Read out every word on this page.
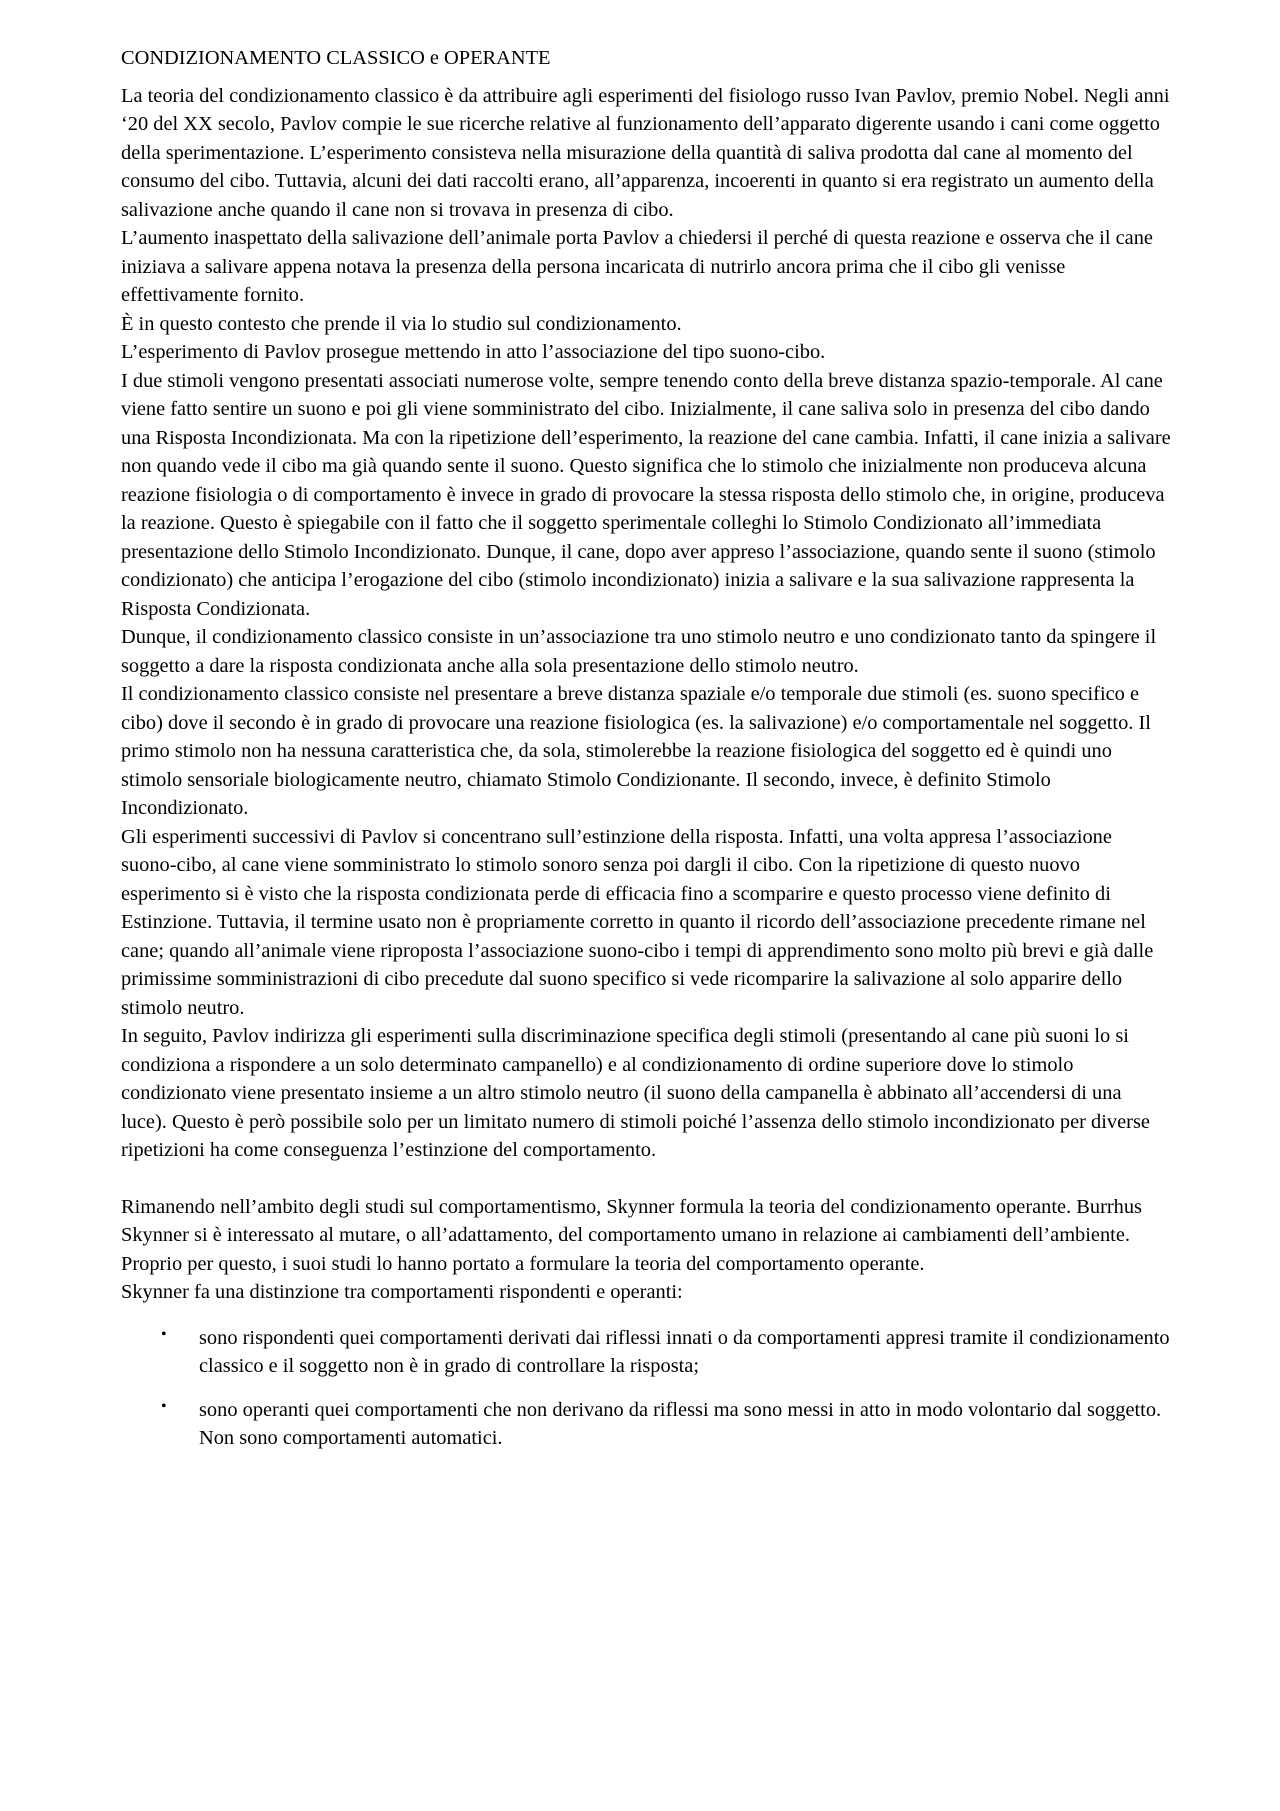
CONDIZIONAMENTO CLASSICO e OPERANTE

La teoria del condizionamento classico è da attribuire agli esperimenti del fisiologo russo Ivan Pavlov, premio Nobel. Negli anni ‘20 del XX secolo, Pavlov compie le sue ricerche relative al funzionamento dell’apparato digerente usando i cani come oggetto della sperimentazione. L’esperimento consisteva nella misurazione della quantità di saliva prodotta dal cane al momento del consumo del cibo. Tuttavia, alcuni dei dati raccolti erano, all’apparenza, incoerenti in quanto si era registrato un aumento della salivazione anche quando il cane non si trovava in presenza di cibo.

L’aumento inaspettato della salivazione dell’animale porta Pavlov a chiedersi il perché di questa reazione e osserva che il cane iniziava a salivare appena notava la presenza della persona incaricata di nutrirlo ancora prima che il cibo gli venisse effettivamente fornito.

È in questo contesto che prende il via lo studio sul condizionamento.

L’esperimento di Pavlov prosegue mettendo in atto l’associazione del tipo suono-cibo.

I due stimoli vengono presentati associati numerose volte, sempre tenendo conto della breve distanza spazio-temporale. Al cane viene fatto sentire un suono e poi gli viene somministrato del cibo. Inizialmente, il cane saliva solo in presenza del cibo dando una Risposta Incondizionata. Ma con la ripetizione dell’esperimento, la reazione del cane cambia. Infatti, il cane inizia a salivare non quando vede il cibo ma già quando sente il suono. Questo significa che lo stimolo che inizialmente non produceva alcuna reazione fisiologia o di comportamento è invece in grado di provocare la stessa risposta dello stimolo che, in origine, produceva la reazione. Questo è spiegabile con il fatto che il soggetto sperimentale colleghi lo Stimolo Condizionato all’immediata presentazione dello Stimolo Incondizionato. Dunque, il cane, dopo aver appreso l’associazione, quando sente il suono (stimolo condizionato) che anticipa l’erogazione del cibo (stimolo incondizionato) inizia a salivare e la sua salivazione rappresenta la Risposta Condizionata.

Dunque, il condizionamento classico consiste in un’associazione tra uno stimolo neutro e uno condizionato tanto da spingere il soggetto a dare la risposta condizionata anche alla sola presentazione dello stimolo neutro.

Il condizionamento classico consiste nel presentare a breve distanza spaziale e/o temporale due stimoli (es. suono specifico e cibo) dove il secondo è in grado di provocare una reazione fisiologica (es. la salivazione) e/o comportamentale nel soggetto. Il primo stimolo non ha nessuna caratteristica che, da sola, stimolerebbe la reazione fisiologica del soggetto ed è quindi uno stimolo sensoriale biologicamente neutro, chiamato Stimolo Condizionante. Il secondo, invece, è definito Stimolo Incondizionato.

Gli esperimenti successivi di Pavlov si concentrano sull’estinzione della risposta. Infatti, una volta appresa l’associazione suono-cibo, al cane viene somministrato lo stimolo sonoro senza poi dargli il cibo. Con la ripetizione di questo nuovo esperimento si è visto che la risposta condizionata perde di efficacia fino a scomparire e questo processo viene definito di Estinzione. Tuttavia, il termine usato non è propriamente corretto in quanto il ricordo dell’associazione precedente rimane nel cane; quando all’animale viene riproposta l’associazione suono-cibo i tempi di apprendimento sono molto più brevi e già dalle primissime somministrazioni di cibo precedute dal suono specifico si vede ricomparire la salivazione al solo apparire dello stimolo neutro.

In seguito, Pavlov indirizza gli esperimenti sulla discriminazione specifica degli stimoli (presentando al cane più suoni lo si condiziona a rispondere a un solo determinato campanello) e al condizionamento di ordine superiore dove lo stimolo condizionato viene presentato insieme a un altro stimolo neutro (il suono della campanella è abbinato all’accendersi di una luce). Questo è però possibile solo per un limitato numero di stimoli poiché l’assenza dello stimolo incondizionato per diverse ripetizioni ha come conseguenza l’estinzione del comportamento.

Rimanendo nell’ambito degli studi sul comportamentismo, Skynner formula la teoria del condizionamento operante. Burrhus Skynner si è interessato al mutare, o all’adattamento, del comportamento umano in relazione ai cambiamenti dell’ambiente. Proprio per questo, i suoi studi lo hanno portato a formulare la teoria del comportamento operante.

Skynner fa una distinzione tra comportamenti rispondenti e operanti:

• sono rispondenti quei comportamenti derivati dai riflessi innati o da comportamenti appresi tramite il condizionamento classico e il soggetto non è in grado di controllare la risposta;
• sono operanti quei comportamenti che non derivano da riflessi ma sono messi in atto in modo volontario dal soggetto. Non sono comportamenti automatici.
